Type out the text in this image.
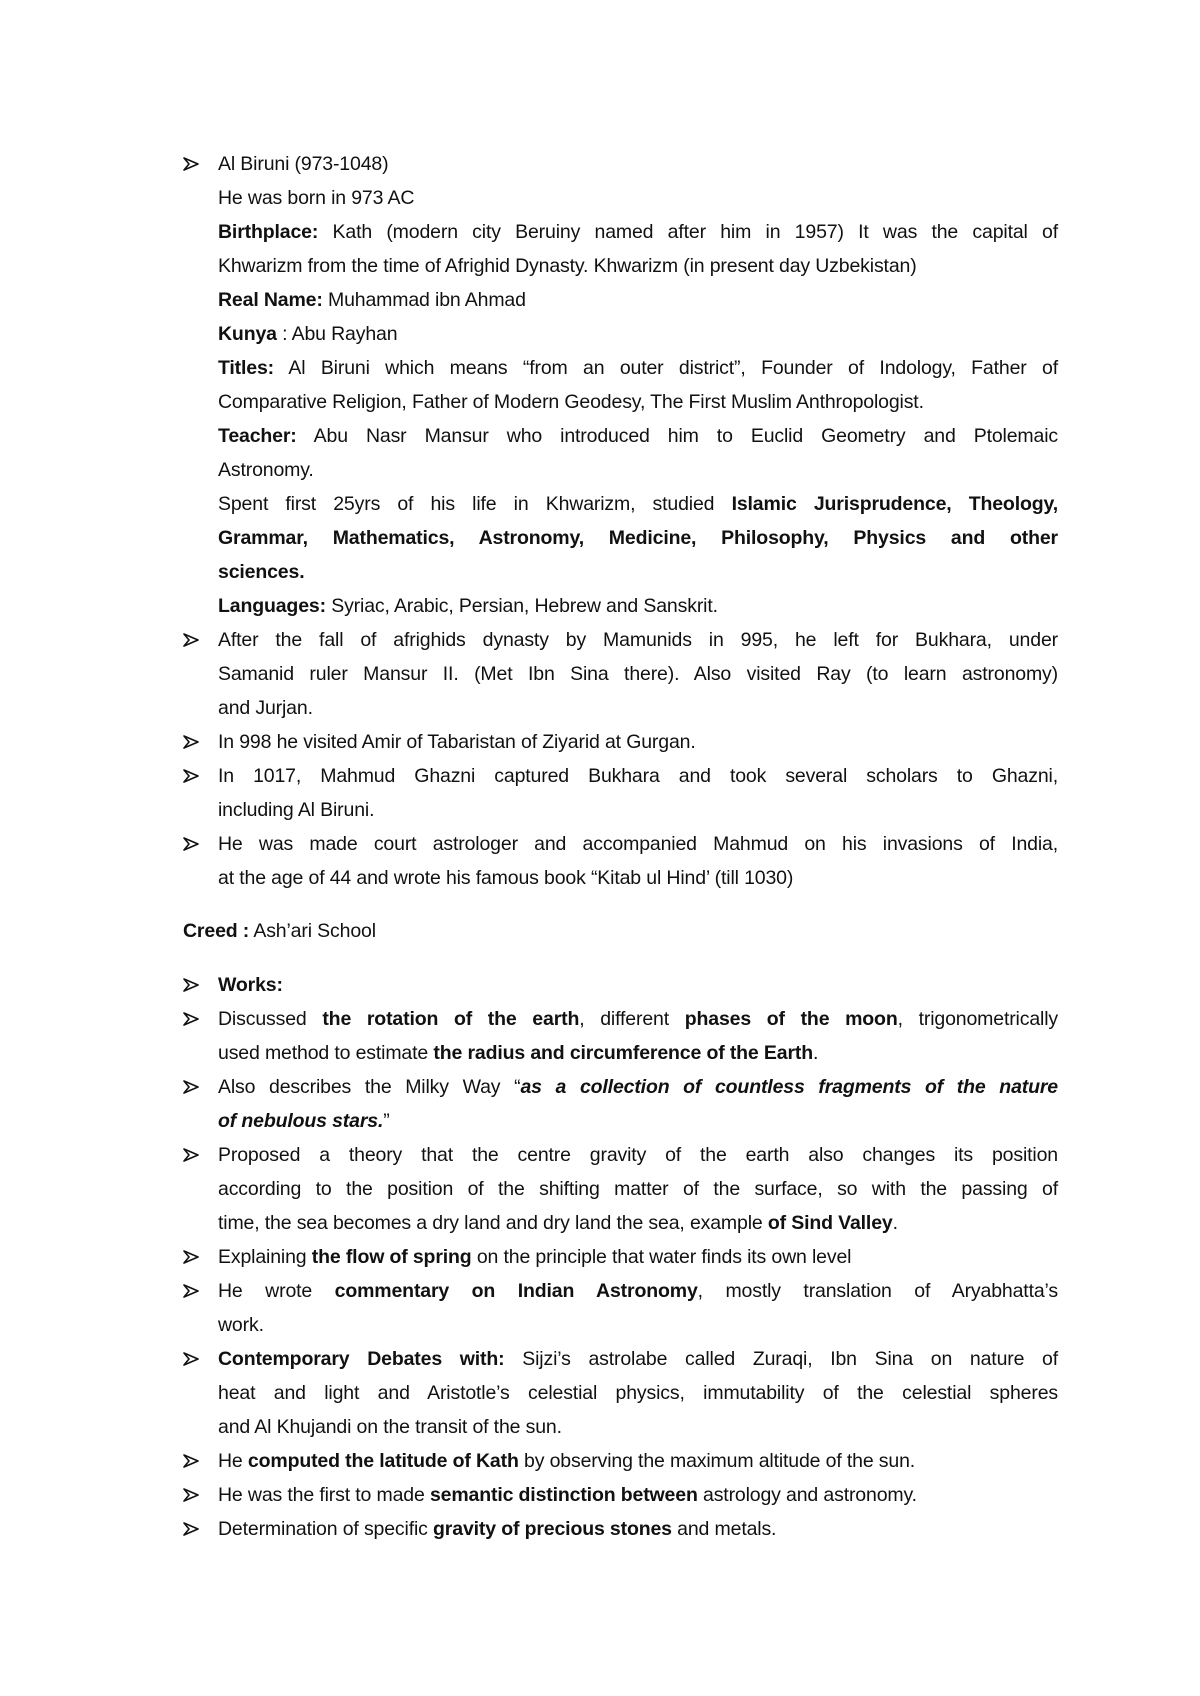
Al Biruni (973-1048)
He was born in 973 AC
Birthplace: Kath (modern city Beruiny named after him in 1957) It was the capital of
Khwarizm from the time of Afrighid Dynasty. Khwarizm (in present day Uzbekistan)
Real Name: Muhammad ibn Ahmad
Kunya : Abu Rayhan
Titles: Al Biruni which means “from an outer district”, Founder of Indology, Father of
Comparative Religion, Father of Modern Geodesy, The First Muslim Anthropologist.
Teacher: Abu Nasr Mansur who introduced him to Euclid Geometry and Ptolemaic
Astronomy.
Spent first 25yrs of his life in Khwarizm, studied Islamic Jurisprudence, Theology,
Grammar, Mathematics, Astronomy, Medicine, Philosophy, Physics and other
sciences.
Languages: Syriac, Arabic, Persian, Hebrew and Sanskrit.
After the fall of afrighids dynasty by Mamunids in 995, he left for Bukhara, under
Samanid ruler Mansur II. (Met Ibn Sina there). Also visited Ray (to learn astronomy)
and Jurjan.
In 998 he visited Amir of Tabaristan of Ziyarid at Gurgan.
In 1017, Mahmud Ghazni captured Bukhara and took several scholars to Ghazni,
including Al Biruni.
He was made court astrologer and accompanied Mahmud on his invasions of India,
at the age of 44 and wrote his famous book “Kitab ul Hind’ (till 1030)
Creed : Ash’ari School
Works:
Discussed the rotation of the earth, different phases of the moon, trigonometrically
used method to estimate the radius and circumference of the Earth.
Also describes the Milky Way “as a collection of countless fragments of the nature
of nebulous stars.”
Proposed a theory that the centre gravity of the earth also changes its position
according to the position of the shifting matter of the surface, so with the passing of
time, the sea becomes a dry land and dry land the sea, example of Sind Valley.
Explaining the flow of spring on the principle that water finds its own level
He wrote commentary on Indian Astronomy, mostly translation of Aryabhatta’s
work.
Contemporary Debates with: Sijzi’s astrolabe called Zuraqi, Ibn Sina on nature of
heat and light and Aristotle’s celestial physics, immutability of the celestial spheres
and Al Khujandi on the transit of the sun.
He computed the latitude of Kath by observing the maximum altitude of the sun.
He was the first to made semantic distinction between astrology and astronomy.
Determination of specific gravity of precious stones and metals.
